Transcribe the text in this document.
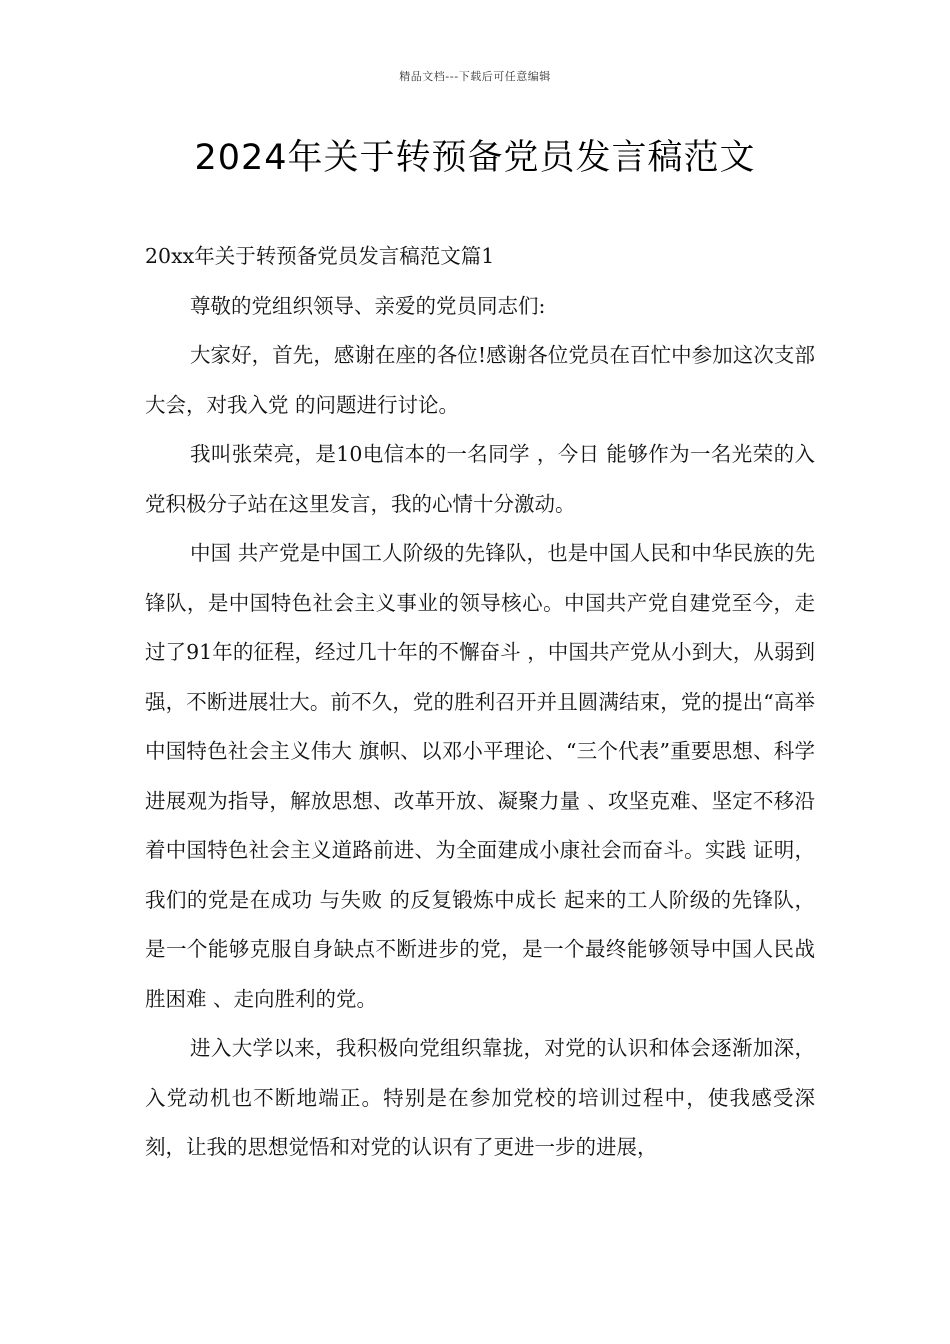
精品文档---下载后可任意编辑
2024年关于转预备党员发言稿范文

20xx年关于转预备党员发言稿范文篇1

尊敬的党组织领导、亲爱的党员同志们:

大家好，首先，感谢在座的各位!感谢各位党员在百忙中参加这次支部大会，对我入党 的问题进行讨论。

我叫张荣亮，是10电信本的一名同学 ，今日 能够作为一名光荣的入党积极分子站在这里发言，我的心情十分激动。

中国 共产党是中国工人阶级的先锋队，也是中国人民和中华民族的先锋队，是中国特色社会主义事业的领导核心。中国共产党自建党至今，走过了91年的征程，经过几十年的不懈奋斗 ，中国共产党从小到大，从弱到强，不断进展壮大。前不久，党的胜利召开并且圆满结束，党的提出“高举中国特色社会主义伟大 旗帜、以邓小平理论、“三个代表”重要思想、科学进展观为指导，解放思想、改革开放、凝聚力量 、攻坚克难、坚定不移沿着中国特色社会主义道路前进、为全面建成小康社会而奋斗。实践 证明，我们的党是在成功 与失败 的反复锻炼中成长 起来的工人阶级的先锋队，是一个能够克服自身缺点不断进步的党，是一个最终能够领导中国人民战胜困难 、走向胜利的党。

进入大学以来，我积极向党组织靠拢，对党的认识和体会逐渐加深，入党动机也不断地端正。特别是在参加党校的培训过程中，使我感受深刻，让我的思想觉悟和对党的认识有了更进一步的进展，
